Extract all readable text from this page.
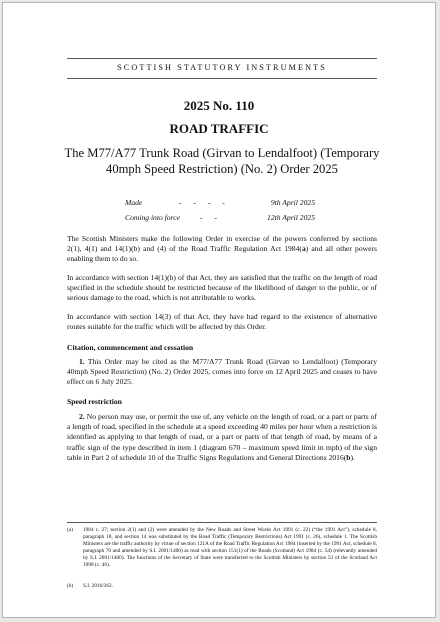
SCOTTISH STATUTORY INSTRUMENTS
2025 No. 110
ROAD TRAFFIC
The M77/A77 Trunk Road (Girvan to Lendalfoot) (Temporary 40mph Speed Restriction) (No. 2) Order 2025
Made	- - - -	9th April 2025
Coming into force	- -	12th April 2025
The Scottish Ministers make the following Order in exercise of the powers conferred by sections 2(1), 4(1) and 14(1)(b) and (4) of the Road Traffic Regulation Act 1984(a) and all other powers enabling them to do so.
In accordance with section 14(1)(b) of that Act, they are satisfied that the traffic on the length of road specified in the schedule should be restricted because of the likelihood of danger to the public, or of serious damage to the road, which is not attributable to works.
In accordance with section 14(3) of that Act, they have had regard to the existence of alternative routes suitable for the traffic which will be affected by this Order.
Citation, commencement and cessation
1. This Order may be cited as the M77/A77 Trunk Road (Girvan to Lendalfoot) (Temporary 40mph Speed Restriction) (No. 2) Order 2025, comes into force on 12 April 2025 and ceases to have effect on 6 July 2025.
Speed restriction
2. No person may use, or permit the use of, any vehicle on the length of road, or a part or parts of a length of road, specified in the schedule at a speed exceeding 40 miles per hour when a restriction is identified as applying to that length of road, or a part or parts of that length of road, by means of a traffic sign of the type described in item 1 (diagram 670 – maximum speed limit in mph) of the sign table in Part 2 of schedule 10 of the Traffic Signs Regulations and General Directions 2016(b).
(a) 1984 c. 27; section 2(1) and (2) were amended by the New Roads and Street Works Act 1991 (c. 22) (“the 1991 Act”), schedule 8, paragraph 18, and section 14 was substituted by the Road Traffic (Temporary Restrictions) Act 1991 (c. 26), schedule 1. The Scottish Ministers are the traffic authority by virtue of section 121A of the Road Traffic Regulation Act 1984 (inserted by the 1991 Act, schedule 8, paragraph 70 and amended by S.I. 2001/1400) as read with section 151(1) of the Roads (Scotland) Act 1984 (c. 54) (relevantly amended by S.I. 2001/1400). The functions of the Secretary of State were transferred to the Scottish Ministers by section 53 of the Scotland Act 1998 (c. 46).
(b) S.I. 2016/362.
